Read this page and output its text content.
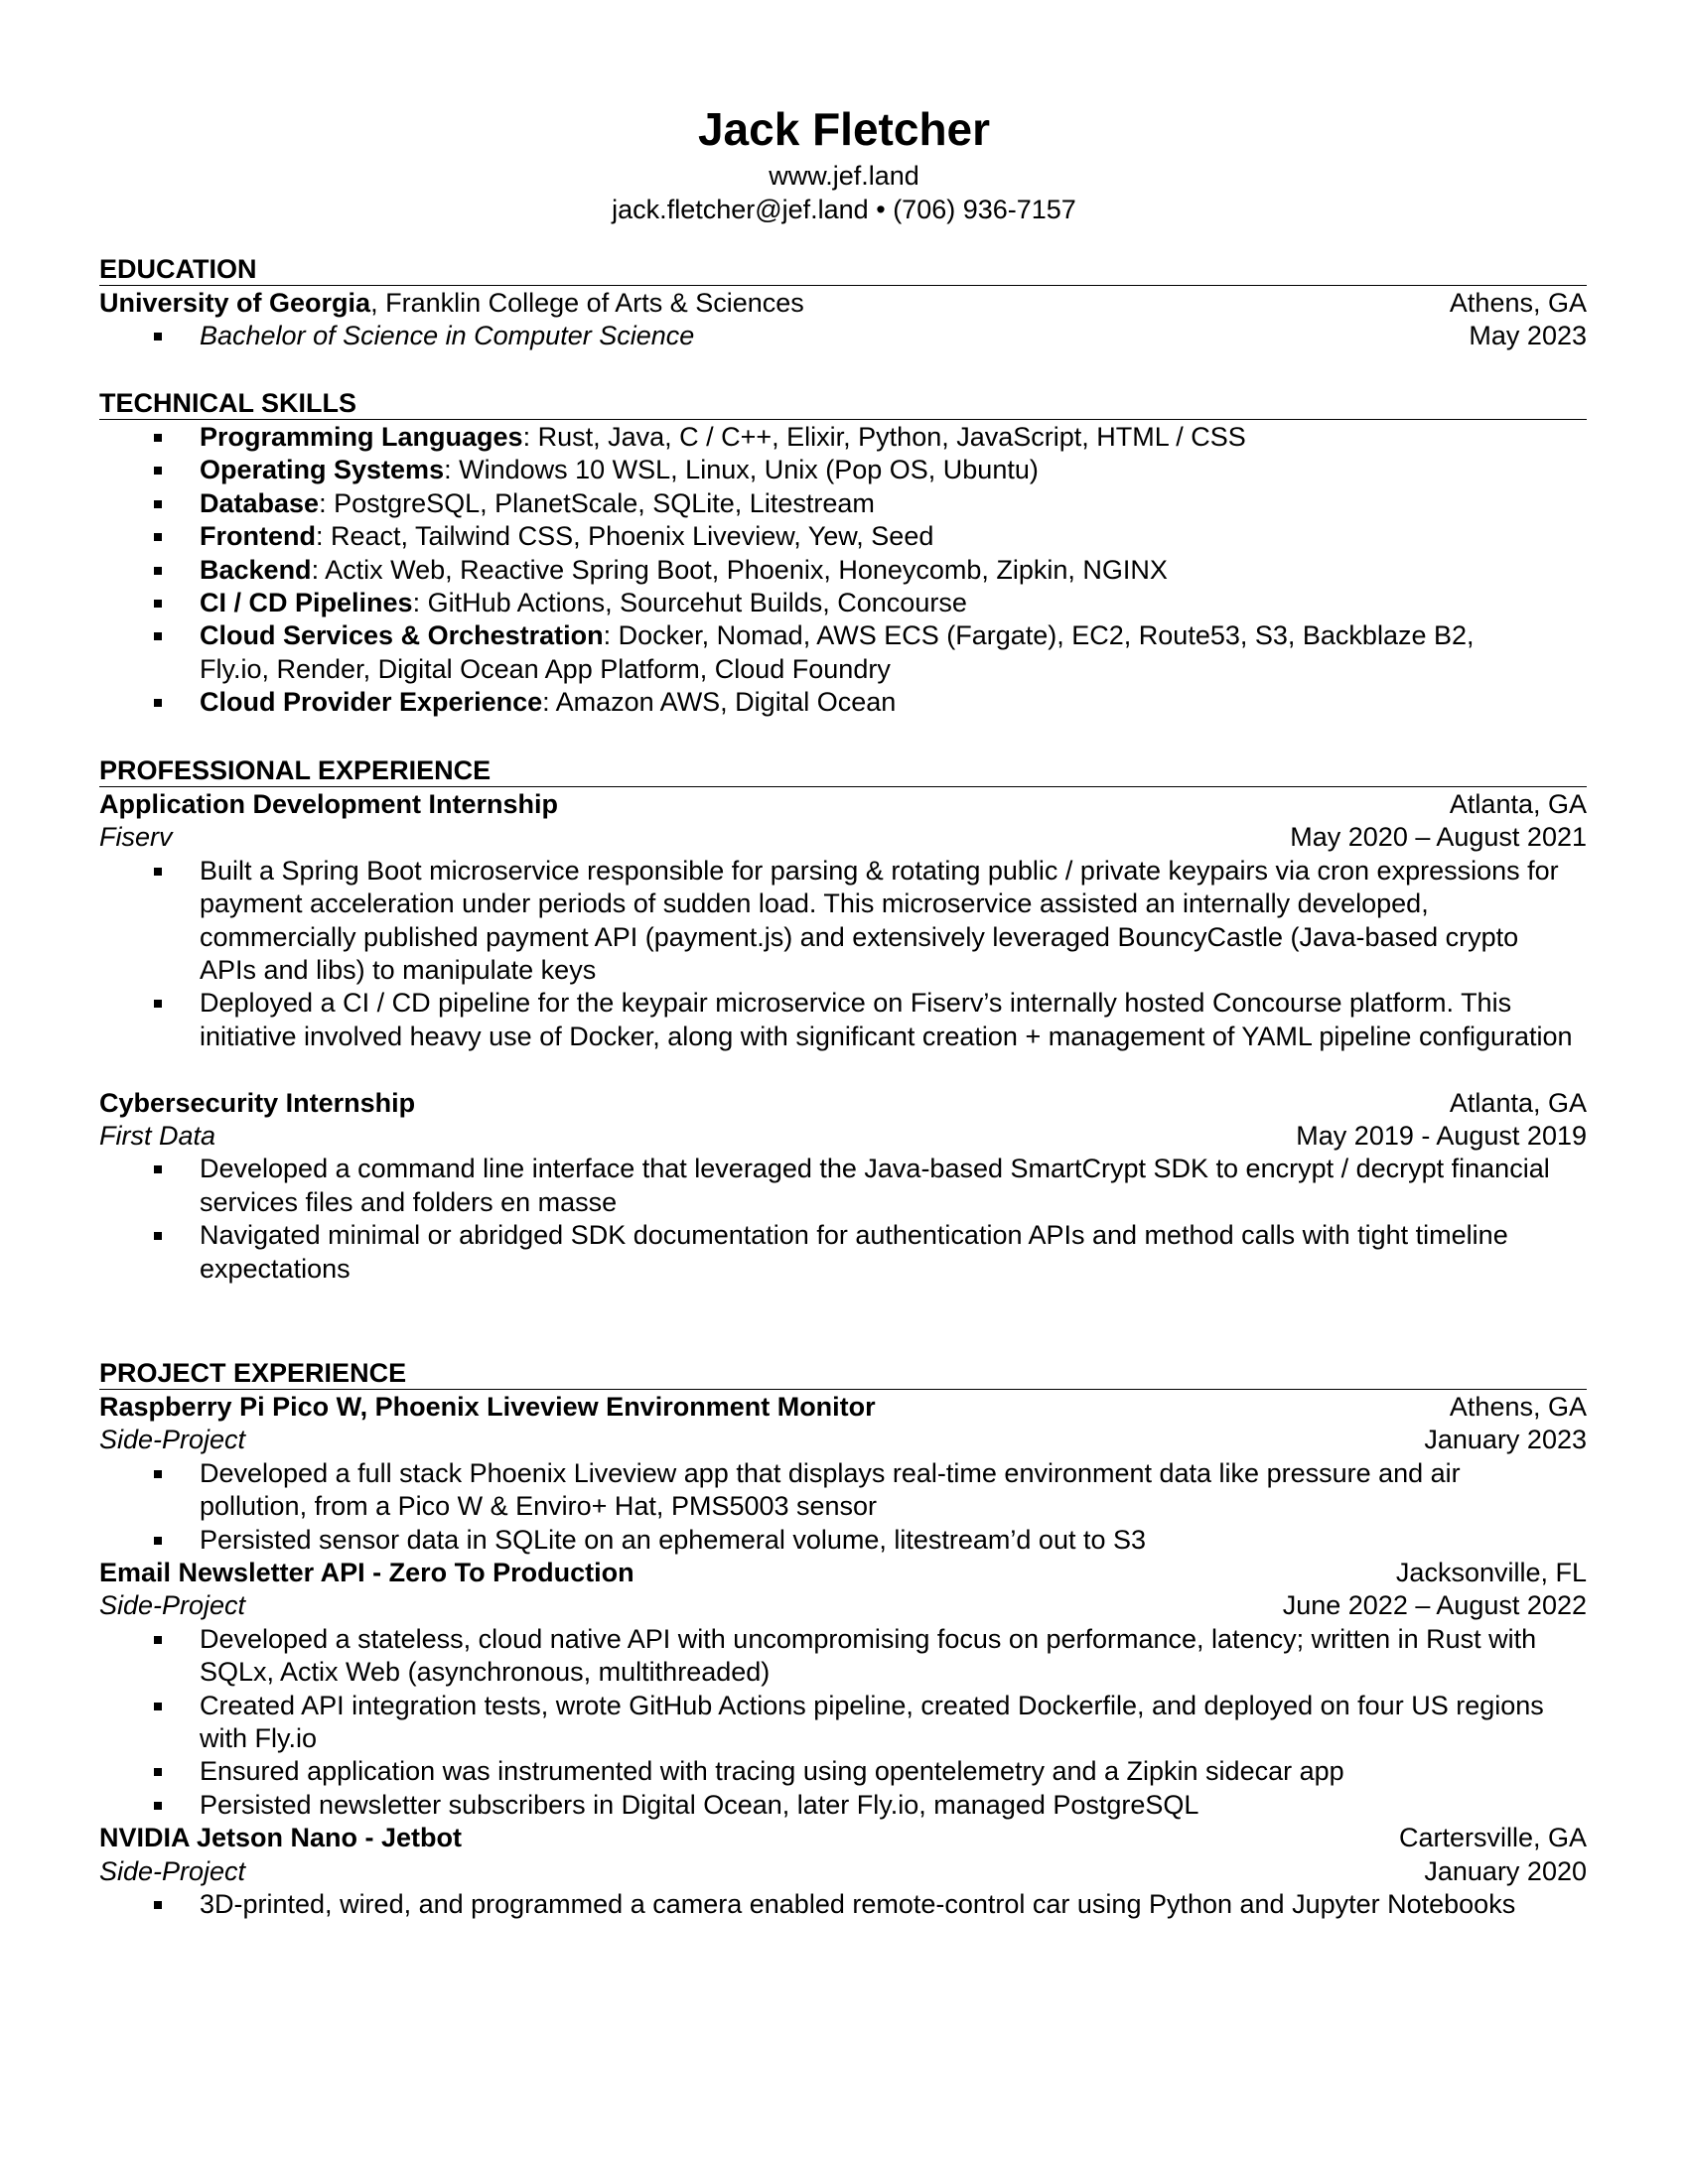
Jack Fletcher
www.jef.land
jack.fletcher@jef.land • (706) 936-7157
EDUCATION
University of Georgia, Franklin College of Arts & Sciences	Athens, GA
Bachelor of Science in Computer Science	May 2023
TECHNICAL SKILLS
Programming Languages: Rust, Java, C / C++, Elixir, Python, JavaScript, HTML / CSS
Operating Systems: Windows 10 WSL, Linux, Unix (Pop OS, Ubuntu)
Database: PostgreSQL, PlanetScale, SQLite, Litestream
Frontend: React, Tailwind CSS, Phoenix Liveview, Yew, Seed
Backend: Actix Web, Reactive Spring Boot, Phoenix, Honeycomb, Zipkin, NGINX
CI / CD Pipelines: GitHub Actions, Sourcehut Builds, Concourse
Cloud Services & Orchestration: Docker, Nomad, AWS ECS (Fargate), EC2, Route53, S3, Backblaze B2, Fly.io, Render, Digital Ocean App Platform, Cloud Foundry
Cloud Provider Experience: Amazon AWS, Digital Ocean
PROFESSIONAL EXPERIENCE
Application Development Internship	Atlanta, GA
Fiserv	May 2020 – August 2021
Built a Spring Boot microservice responsible for parsing & rotating public / private keypairs via cron expressions for payment acceleration under periods of sudden load. This microservice assisted an internally developed, commercially published payment API (payment.js) and extensively leveraged BouncyCastle (Java-based crypto APIs and libs) to manipulate keys
Deployed a CI / CD pipeline for the keypair microservice on Fiserv’s internally hosted Concourse platform. This initiative involved heavy use of Docker, along with significant creation + management of YAML pipeline configuration
Cybersecurity Internship	Atlanta, GA
First Data	May 2019 - August 2019
Developed a command line interface that leveraged the Java-based SmartCrypt SDK to encrypt / decrypt financial services files and folders en masse
Navigated minimal or abridged SDK documentation for authentication APIs and method calls with tight timeline expectations
PROJECT EXPERIENCE
Raspberry Pi Pico W, Phoenix Liveview Environment Monitor	Athens, GA
Side-Project	January 2023
Developed a full stack Phoenix Liveview app that displays real-time environment data like pressure and air pollution, from a Pico W & Enviro+ Hat, PMS5003 sensor
Persisted sensor data in SQLite on an ephemeral volume, litestream’d out to S3
Email Newsletter API - Zero To Production	Jacksonville, FL
Side-Project	June 2022 – August 2022
Developed a stateless, cloud native API with uncompromising focus on performance, latency; written in Rust with SQLx, Actix Web (asynchronous, multithreaded)
Created API integration tests, wrote GitHub Actions pipeline, created Dockerfile, and deployed on four US regions with Fly.io
Ensured application was instrumented with tracing using opentelemetry and a Zipkin sidecar app
Persisted newsletter subscribers in Digital Ocean, later Fly.io, managed PostgreSQL
NVIDIA Jetson Nano - Jetbot	Cartersville, GA
Side-Project	January 2020
3D-printed, wired, and programmed a camera enabled remote-control car using Python and Jupyter Notebooks
